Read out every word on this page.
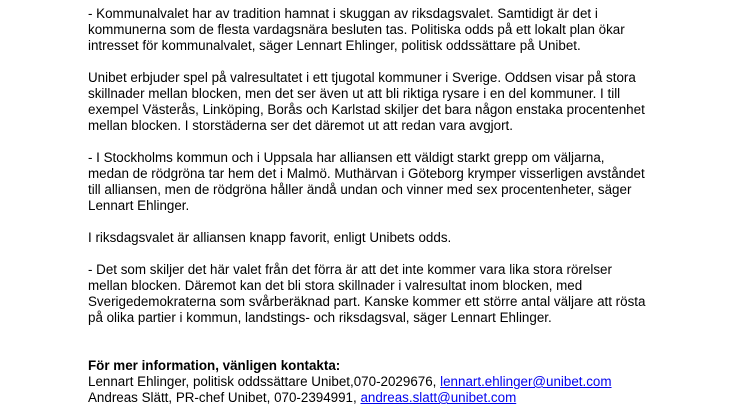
- Kommunalvalet har av tradition hamnat i skuggan av riksdagsvalet. Samtidigt är det i kommunerna som de flesta vardagsnära besluten tas. Politiska odds på ett lokalt plan ökar intresset för kommunalvalet, säger Lennart Ehlinger, politisk oddssättare på Unibet.

Unibet erbjuder spel på valresultatet i ett tjugotal kommuner i Sverige. Oddsen visar på stora skillnader mellan blocken, men det ser även ut att bli riktiga rysare i en del kommuner. I till exempel Västerås, Linköping, Borås och Karlstad skiljer det bara någon enstaka procentenhet mellan blocken. I storstäderna ser det däremot ut att redan vara avgjort.

- I Stockholms kommun och i Uppsala har alliansen ett väldigt starkt grepp om väljarna, medan de rödgröna tar hem det i Malmö. Muthärvan i Göteborg krymper visserligen avståndet till alliansen, men de rödgröna håller ändå undan och vinner med sex procentenheter, säger Lennart Ehlinger.

I riksdagsvalet är alliansen knapp favorit, enligt Unibets odds.

- Det som skiljer det här valet från det förra är att det inte kommer vara lika stora rörelser mellan blocken. Däremot kan det bli stora skillnader i valresultat inom blocken, med Sverigedemokraterna som svårberäknad part. Kanske kommer ett större antal väljare att rösta på olika partier i kommun, landstings- och riksdagsval, säger Lennart Ehlinger.

För mer information, vänligen kontakta:
Lennart Ehlinger, politisk oddssättare Unibet,070-2029676, lennart.ehlinger@unibet.com
Andreas Slätt, PR-chef Unibet, 070-2394991, andreas.slatt@unibet.com
